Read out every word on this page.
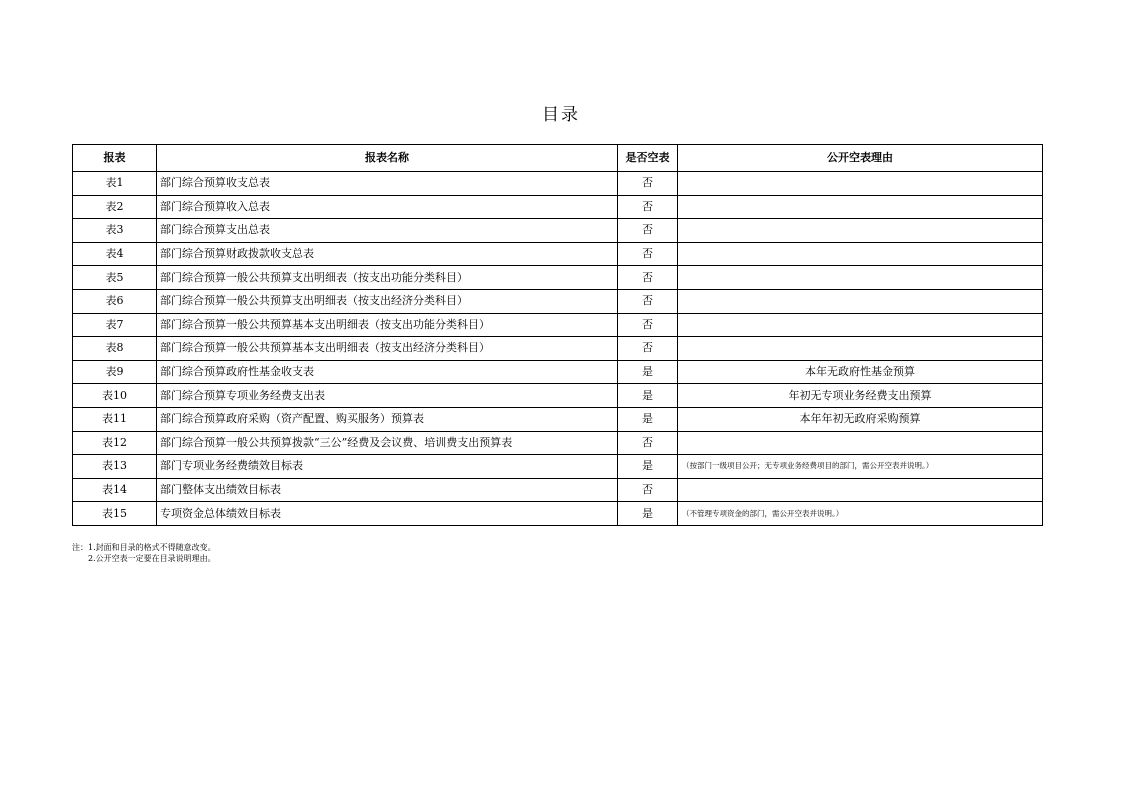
目录
报表	报表名称	是否空表	公开空表理由
表1	部门综合预算收支总表	否	
表2	部门综合预算收入总表	否	
表3	部门综合预算支出总表	否	
表4	部门综合预算财政拨款收支总表	否	
表5	部门综合预算一般公共预算支出明细表（按支出功能分类科目）	否	
表6	部门综合预算一般公共预算支出明细表（按支出经济分类科目）	否	
表7	部门综合预算一般公共预算基本支出明细表（按支出功能分类科目）	否	
表8	部门综合预算一般公共预算基本支出明细表（按支出经济分类科目）	否	
表9	部门综合预算政府性基金收支表	是	本年无政府性基金预算
表10	部门综合预算专项业务经费支出表	是	年初无专项业务经费支出预算
表11	部门综合预算政府采购（资产配置、购买服务）预算表	是	本年年初无政府采购预算
表12	部门综合预算一般公共预算拨款“三公”经费及会议费、培训费支出预算表	否	
表13	部门专项业务经费绩效目标表	是	（按部门一级项目公开；无专项业务经费项目的部门，需公开空表并说明。）
表14	部门整体支出绩效目标表	否	
表15	专项资金总体绩效目标表	是	（不管理专项资金的部门，需公开空表并说明。）
注：1.封面和目录的格式不得随意改变。
2.公开空表一定要在目录说明理由。
